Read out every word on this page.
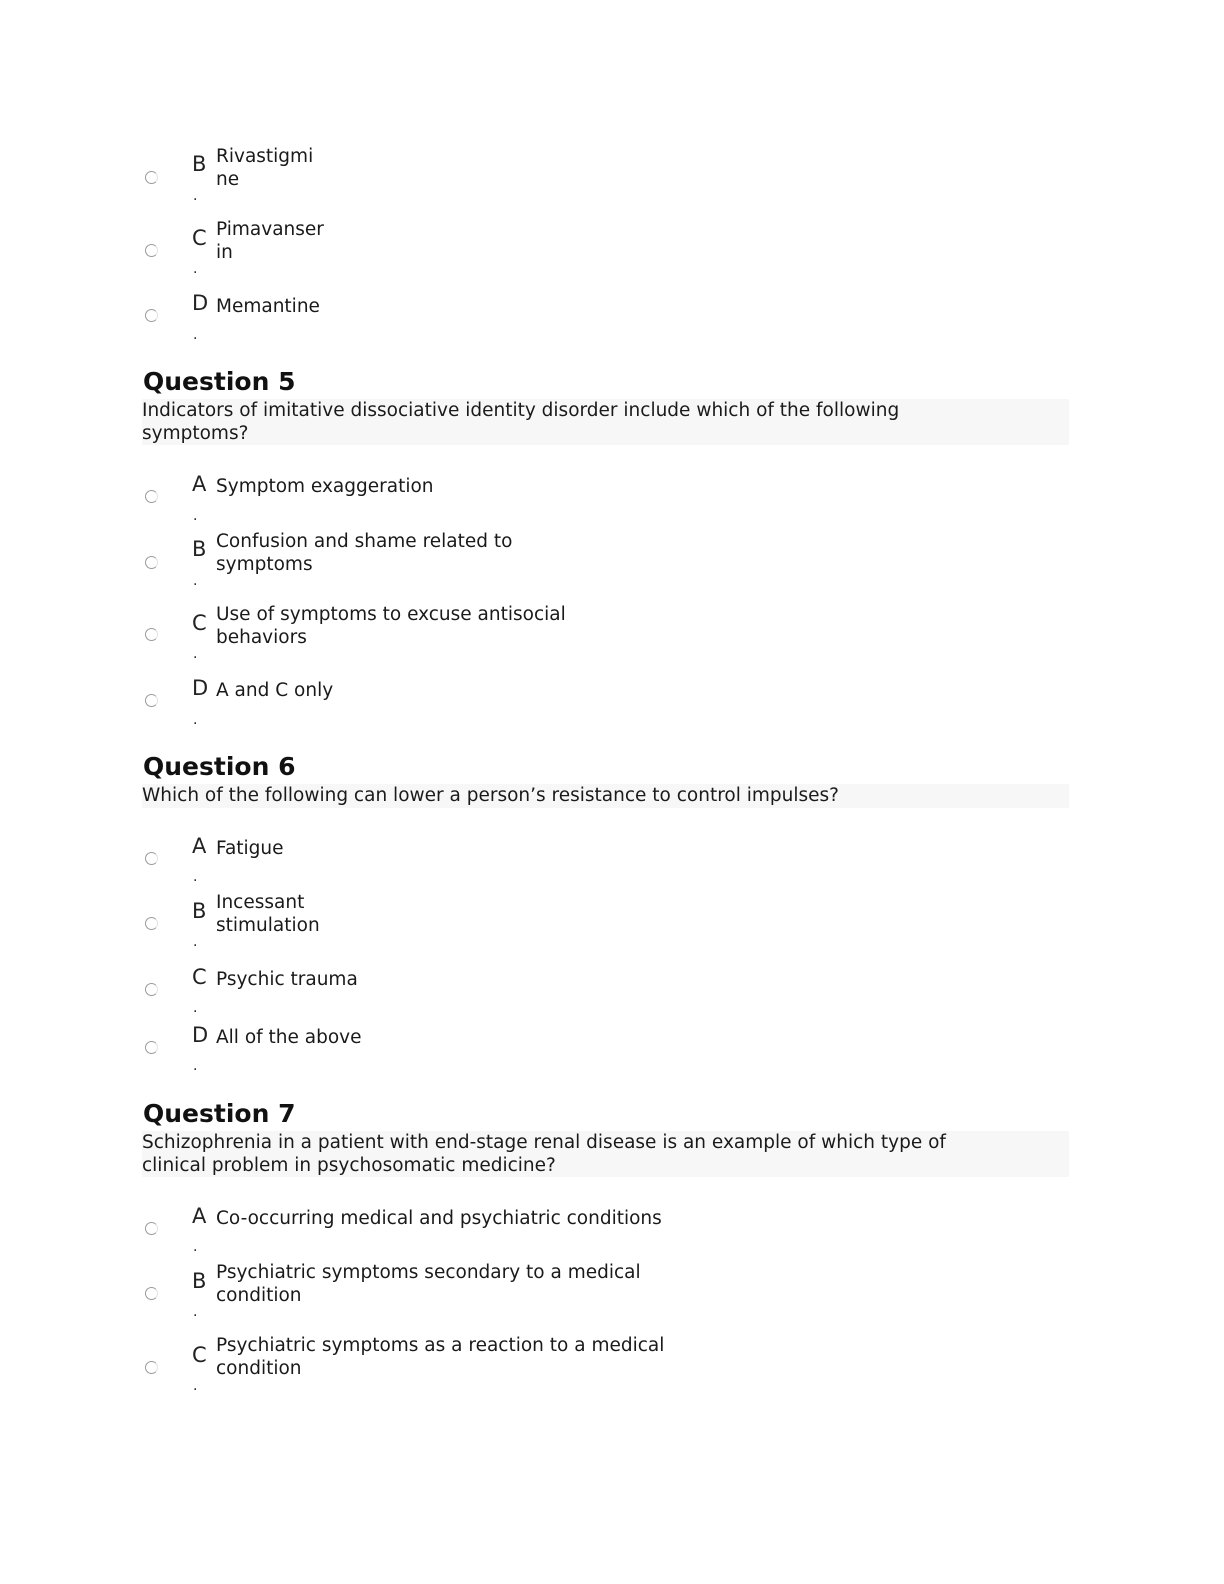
B Rivastigmi
ne
.
C Pimavanser
in
.
D Memantine
.
Question 5
Indicators of imitative dissociative identity disorder include which of the following
symptoms?
A Symptom exaggeration
.
B Confusion and shame related to
symptoms
.
C Use of symptoms to excuse antisocial
behaviors
.
D A and C only
.
Question 6
Which of the following can lower a person’s resistance to control impulses?
A Fatigue
.
B Incessant
stimulation
.
C Psychic trauma
.
D All of the above
.
Question 7
Schizophrenia in a patient with end-stage renal disease is an example of which type of
clinical problem in psychosomatic medicine?
A Co-occurring medical and psychiatric conditions
.
B Psychiatric symptoms secondary to a medical
condition
.
C Psychiatric symptoms as a reaction to a medical
condition
.
